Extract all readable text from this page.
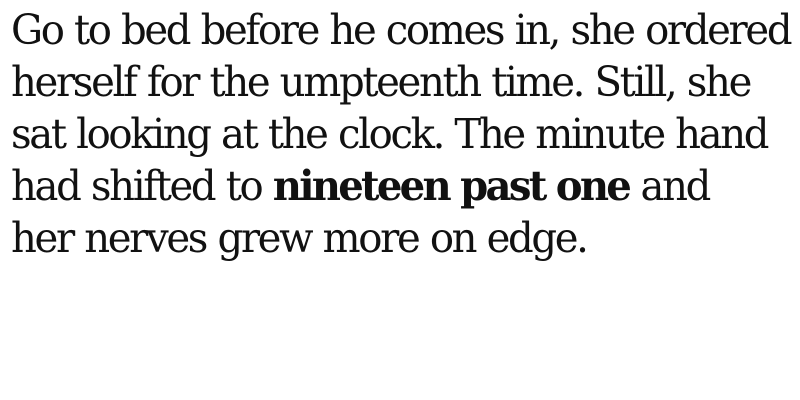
Go to bed before he comes in, she ordered
herself for the umpteenth time. Still, she
sat looking at the clock. The minute hand
had shifted to nineteen past one and
her nerves grew more on edge.
